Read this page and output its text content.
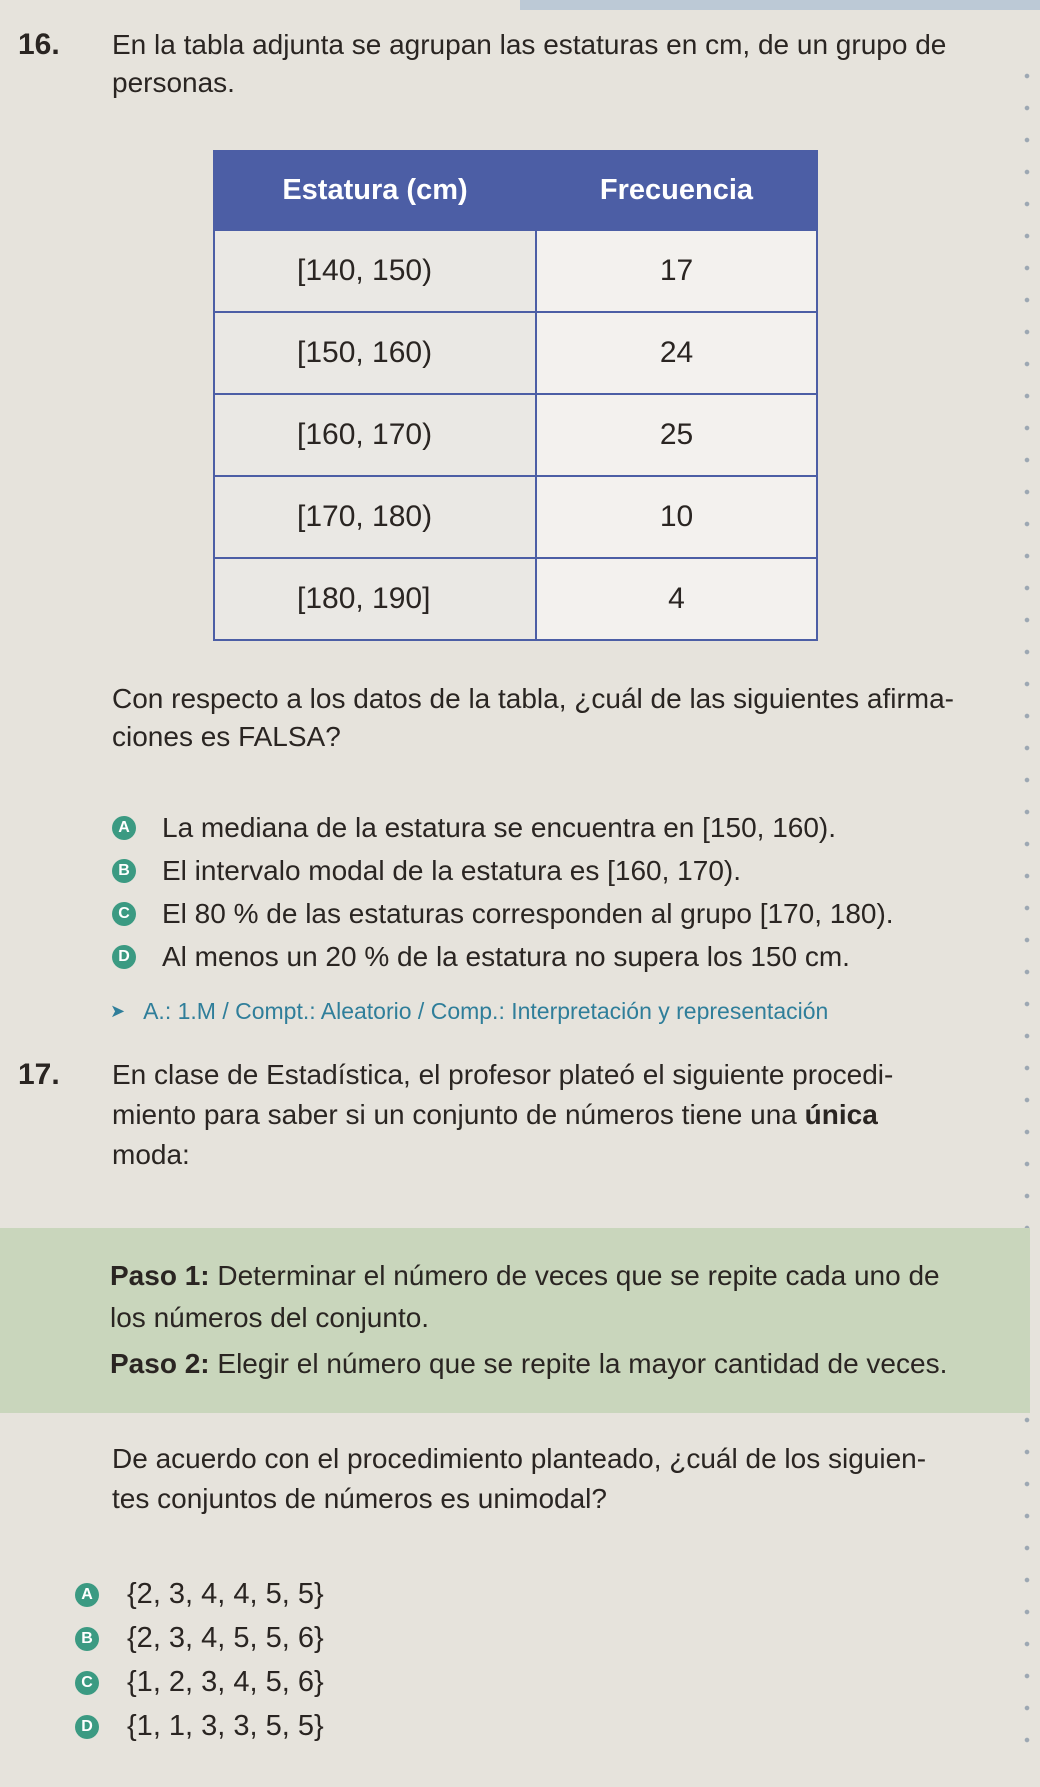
16. En la tabla adjunta se agrupan las estaturas en cm, de un grupo de
personas.
Estatura (cm)	Frecuencia
[140, 150)	17
[150, 160)	24
[160, 170)	25
[170, 180)	10
[180, 190]	4
Con respecto a los datos de la tabla, ¿cuál de las siguientes afirma-
ciones es FALSA?
A La mediana de la estatura se encuentra en [150, 160).
B El intervalo modal de la estatura es [160, 170).
C El 80 % de las estaturas corresponden al grupo [170, 180).
D Al menos un 20 % de la estatura no supera los 150 cm.
➤ A.: 1.M / Compt.: Aleatorio / Comp.: Interpretación y representación
17. En clase de Estadística, el profesor plateó el siguiente procedi-
miento para saber si un conjunto de números tiene una única
moda:
Paso 1: Determinar el número de veces que se repite cada uno de
los números del conjunto.
Paso 2: Elegir el número que se repite la mayor cantidad de veces.
De acuerdo con el procedimiento planteado, ¿cuál de los siguien-
tes conjuntos de números es unimodal?
A {2, 3, 4, 4, 5, 5}
B {2, 3, 4, 5, 5, 6}
C {1, 2, 3, 4, 5, 6}
D {1, 1, 3, 3, 5, 5}
